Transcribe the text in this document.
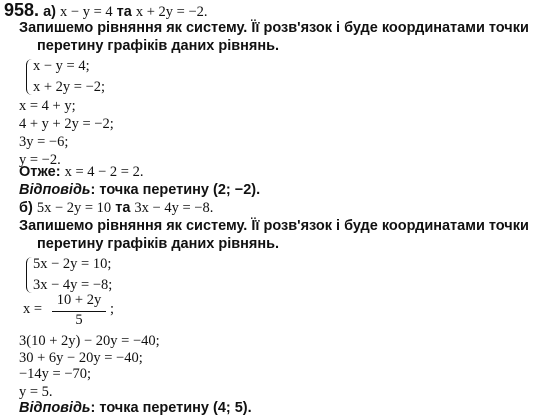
958. а) x − y = 4 та x + 2y = −2.
Запишемо рівняння як систему. Її розв'язок і буде координатами точки
перетину графіків даних рівнянь.
x − y = 4;
x + 2y = −2;
x = 4 + y;
4 + y + 2y = −2;
3y = −6;
y = −2.
Отже: x = 4 − 2 = 2.
Відповідь: точка перетину (2; −2).
б) 5x − 2y = 10 та 3x − 4y = −8.
Запишемо рівняння як систему. Її розв'язок і буде координатами точки
перетину графіків даних рівнянь.
5x − 2y = 10;
3x − 4y = −8;
x =
10 + 2y
5
;
3(10 + 2y) − 20y = −40;
30 + 6y − 20y = −40;
−14y = −70;
y = 5.
Відповідь: точка перетину (4; 5).
